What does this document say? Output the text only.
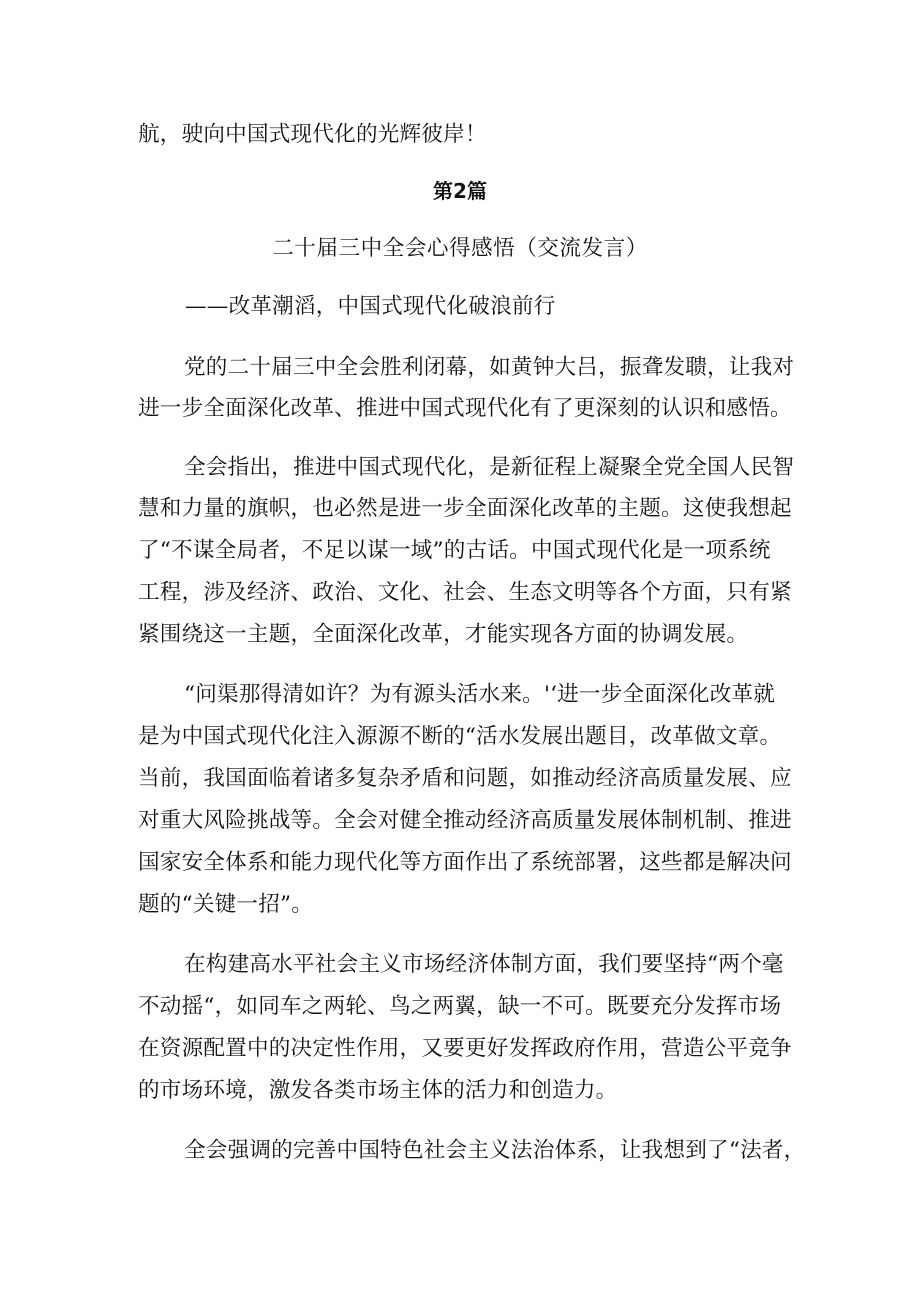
航，驶向中国式现代化的光辉彼岸！
第2篇
二十届三中全会心得感悟（交流发言）
——改革潮滔，中国式现代化破浪前行
党的二十届三中全会胜利闭幕，如黄钟大吕，振聋发聩，让我对
进一步全面深化改革、推进中国式现代化有了更深刻的认识和感悟。
全会指出，推进中国式现代化，是新征程上凝聚全党全国人民智
慧和力量的旗帜，也必然是进一步全面深化改革的主题。这使我想起
了“不谋全局者，不足以谋一域”的古话。中国式现代化是一项系统
工程，涉及经济、政治、文化、社会、生态文明等各个方面，只有紧
紧围绕这一主题，全面深化改革，才能实现各方面的协调发展。
“问渠那得清如许？为有源头活水来。'‘进一步全面深化改革就
是为中国式现代化注入源源不断的“活水发展出题目，改革做文章。
当前，我国面临着诸多复杂矛盾和问题，如推动经济高质量发展、应
对重大风险挑战等。全会对健全推动经济高质量发展体制机制、推进
国家安全体系和能力现代化等方面作出了系统部署，这些都是解决问
题的“关键一招”。
在构建高水平社会主义市场经济体制方面，我们要坚持“两个毫
不动摇“，如同车之两轮、鸟之两翼，缺一不可。既要充分发挥市场
在资源配置中的决定性作用，又要更好发挥政府作用，营造公平竞争
的市场环境，激发各类市场主体的活力和创造力。
全会强调的完善中国特色社会主义法治体系，让我想到了“法者，
